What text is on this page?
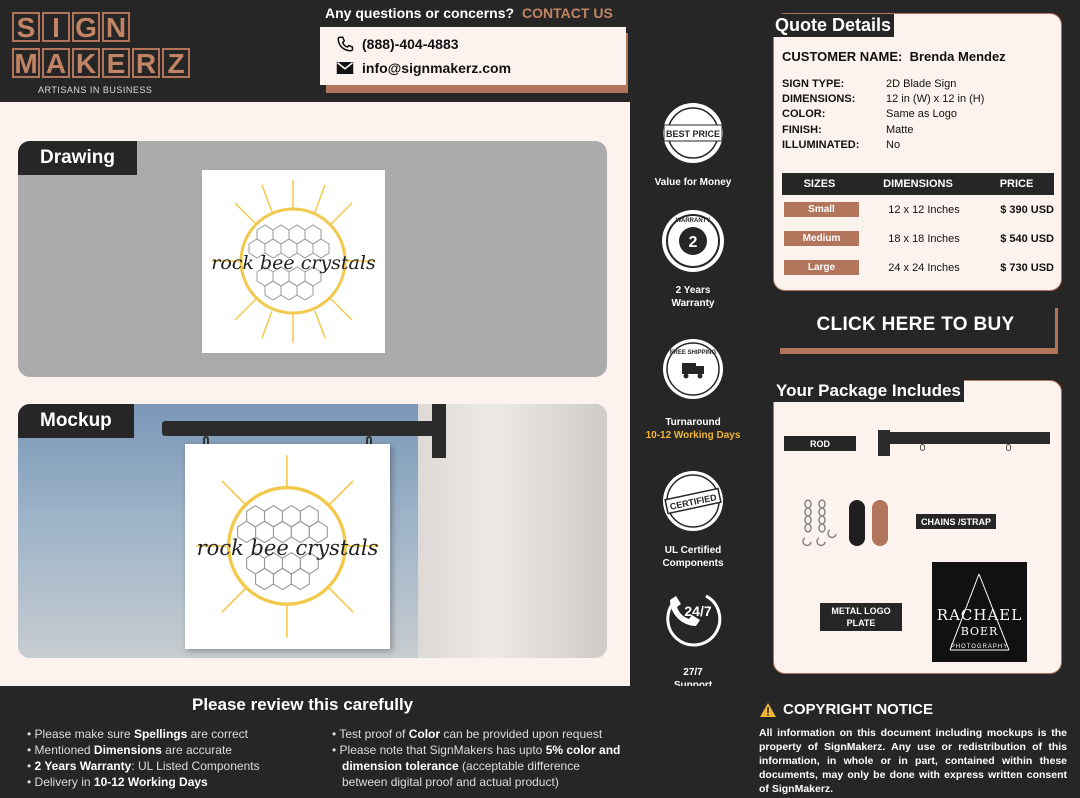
S I G N
M A K E R Z
ARTISANS IN BUSINESS
Any questions or concerns? CONTACT US
(888)-404-4883
info@signmakerz.com
Drawing
rock bee crystals
Mockup
rock bee crystals
BEST PRICE
Value for Money
2
WARRANTY
2 Years
Warranty
FREE SHIPPING
Turnaround
10-12 Working Days
CERTIFIED
UL Certified
Components
24/7
27/7
Quote Details
CUSTOMER NAME: Brenda Mendez
SIGN TYPE:	2D Blade Sign
DIMENSIONS:	12 in (W) x 12 in (H)
COLOR:	Same as Logo
FINISH:	Matte
ILLUMINATED:	No
SIZES	DIMENSIONS	PRICE
Small	12 x 12 Inches	$ 390 USD
Medium	18 x 18 Inches	$ 540 USD
Large	24 x 24 Inches	$ 730 USD
CLICK HERE TO BUY
Your Package Includes
ROD
CHAINS /STRAP
METAL LOGO PLATE	RACHAEL
BOER
PHOTOGRAPHY
Please review this carefully
• Please make sure Spellings are correct
• Mentioned Dimensions are accurate
• 2 Years Warranty: UL Listed Components
• Delivery in 10-12 Working Days
• Test proof of Color can be provided upon request
• Please note that SignMakers has upto 5% color and dimension tolerance (acceptable difference between digital proof and actual product)
COPYRIGHT NOTICE
All information on this document including mockups is the property of SignMakerz. Any use or redistribution of this information, in whole or in part, contained within these documents, may only be done with express written consent of SignMakerz.
